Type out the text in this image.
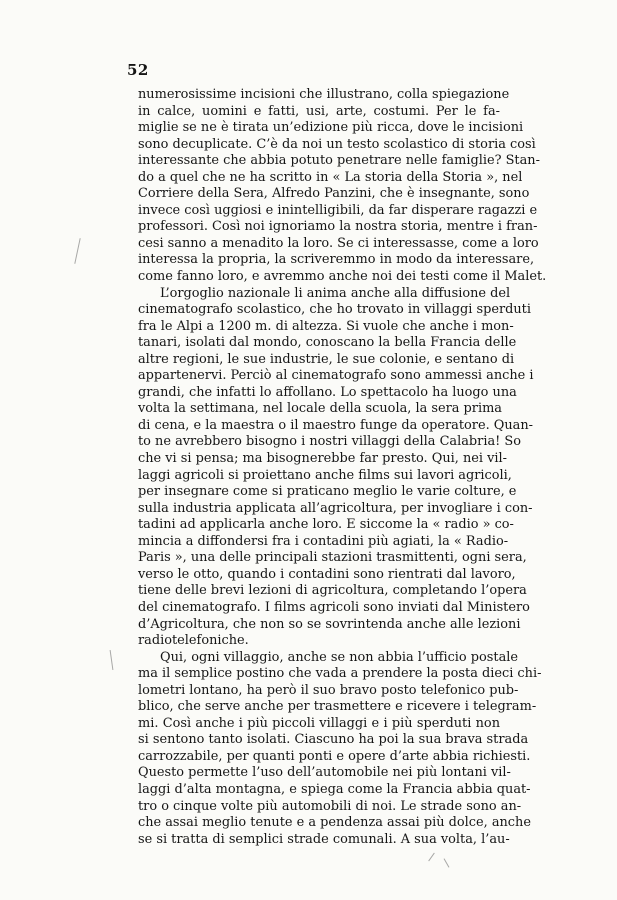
52
numerosissime incisioni che illustrano, colla spiegazione
in calce, uomini e fatti, usi, arte, costumi. Per le fa-
miglie se ne è tirata un’edizione più ricca, dove le incisioni
sono decuplicate. C’è da noi un testo scolastico di storia così
interessante che abbia potuto penetrare nelle famiglie? Stan-
do a quel che ne ha scritto in « La storia della Storia », nel
Corriere della Sera, Alfredo Panzini, che è insegnante, sono
invece così uggiosi e inintelligibili, da far disperare ragazzi e
professori. Così noi ignoriamo la nostra storia, mentre i fran-
cesi sanno a menadito la loro. Se ci interessasse, come a loro
interessa la propria, la scriveremmo in modo da interessare,
come fanno loro, e avremmo anche noi dei testi come il Malet.
L’orgoglio nazionale li anima anche alla diffusione del
cinematografo scolastico, che ho trovato in villaggi sperduti
fra le Alpi a 1200 m. di altezza. Si vuole che anche i mon-
tanari, isolati dal mondo, conoscano la bella Francia delle
altre regioni, le sue industrie, le sue colonie, e sentano di
appartenervi. Perciò al cinematografo sono ammessi anche i
grandi, che infatti lo affollano. Lo spettacolo ha luogo una
volta la settimana, nel locale della scuola, la sera prima
di cena, e la maestra o il maestro funge da operatore. Quan-
to ne avrebbero bisogno i nostri villaggi della Calabria! So
che vi si pensa; ma bisognerebbe far presto. Qui, nei vil-
laggi agricoli si proiettano anche films sui lavori agricoli,
per insegnare come si praticano meglio le varie colture, e
sulla industria applicata all’agricoltura, per invogliare i con-
tadini ad applicarla anche loro. E siccome la « radio » co-
mincia a diffondersi fra i contadini più agiati, la « Radio-
Paris », una delle principali stazioni trasmittenti, ogni sera,
verso le otto, quando i contadini sono rientrati dal lavoro,
tiene delle brevi lezioni di agricoltura, completando l’opera
del cinematografo. I films agricoli sono inviati dal Ministero
d’Agricoltura, che non so se sovrintenda anche alle lezioni
radiotelefoniche.
Qui, ogni villaggio, anche se non abbia l’ufficio postale
ma il semplice postino che vada a prendere la posta dieci chi-
lometri lontano, ha però il suo bravo posto telefonico pub-
blico, che serve anche per trasmettere e ricevere i telegram-
mi. Così anche i più piccoli villaggi e i più sperduti non
si sentono tanto isolati. Ciascuno ha poi la sua brava strada
carrozzabile, per quanti ponti e opere d’arte abbia richiesti.
Questo permette l’uso dell’automobile nei più lontani vil-
laggi d’alta montagna, e spiega come la Francia abbia quat-
tro o cinque volte più automobili di noi. Le strade sono an-
che assai meglio tenute e a pendenza assai più dolce, anche
se si tratta di semplici strade comunali. A sua volta, l’au-
